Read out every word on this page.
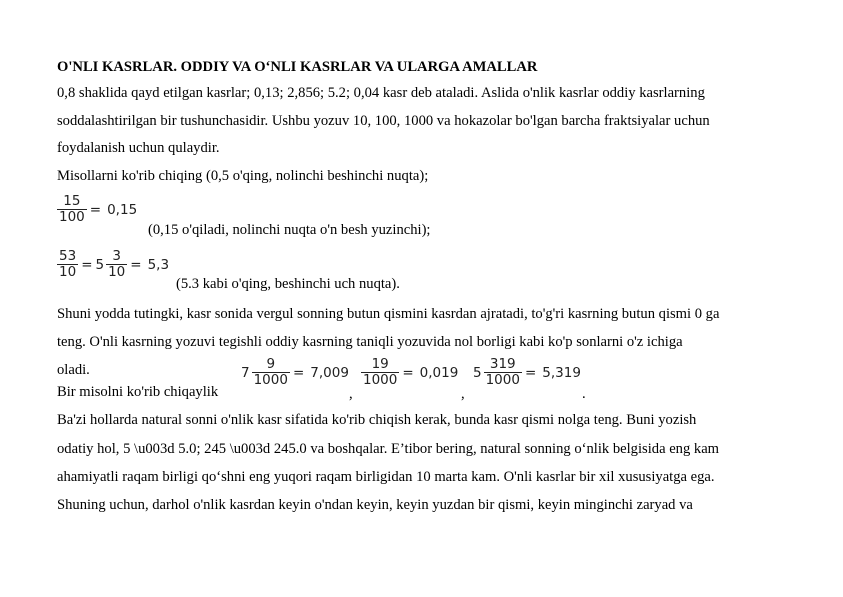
O'NLI KASRLAR. ODDIY VA O‘NLI KASRLAR VA ULARGA AMALLAR
0,8 shaklida qayd etilgan kasrlar; 0,13; 2,856; 5.2; 0,04 kasr deb ataladi. Aslida o'nlik kasrlar oddiy kasrlarning
soddalashtirilgan bir tushunchasidir. Ushbu yozuv 10, 100, 1000 va hokazolar bo'lgan barcha fraktsiyalar uchun
foydalanish uchun qulaydir.
Misollarni ko'rib chiqing (0,5 o'qing, nolinchi beshinchi nuqta);
$\frac{15}{100} = 0,15$
(0,15 o'qiladi, nolinchi nuqta o'n besh yuzinchi);
$\frac{53}{10} = 5 \frac{3}{10} = 5,3$
(5.3 kabi o'qing, beshinchi uch nuqta).
Shuni yodda tutingki, kasr sonida vergul sonning butun qismini kasrdan ajratadi, to'g'ri kasrning butun qismi 0 ga
teng. O'nli kasrning yozuvi tegishli oddiy kasrning taniqli yozuvida nol borligi kabi ko'p sonlarni o'z ichiga
oladi.
Bir misolni ko'rib chiqaylik
$7 \frac{9}{1000} = 7,009$
,
$\frac{19}{1000} = 0,019$
,
$5 \frac{319}{1000} = 5,319$
.
Ba'zi hollarda natural sonni o'nlik kasr sifatida ko'rib chiqish kerak, bunda kasr qismi nolga teng. Buni yozish
odatiy hol, 5 \u003d 5.0; 245 \u003d 245.0 va boshqalar. E’tibor bering, natural sonning o‘nlik belgisida eng kam
ahamiyatli raqam birligi qo‘shni eng yuqori raqam birligidan 10 marta kam. O'nli kasrlar bir xil xususiyatga ega.
Shuning uchun, darhol o'nlik kasrdan keyin o'ndan keyin, keyin yuzdan bir qismi, keyin minginchi zaryad va
